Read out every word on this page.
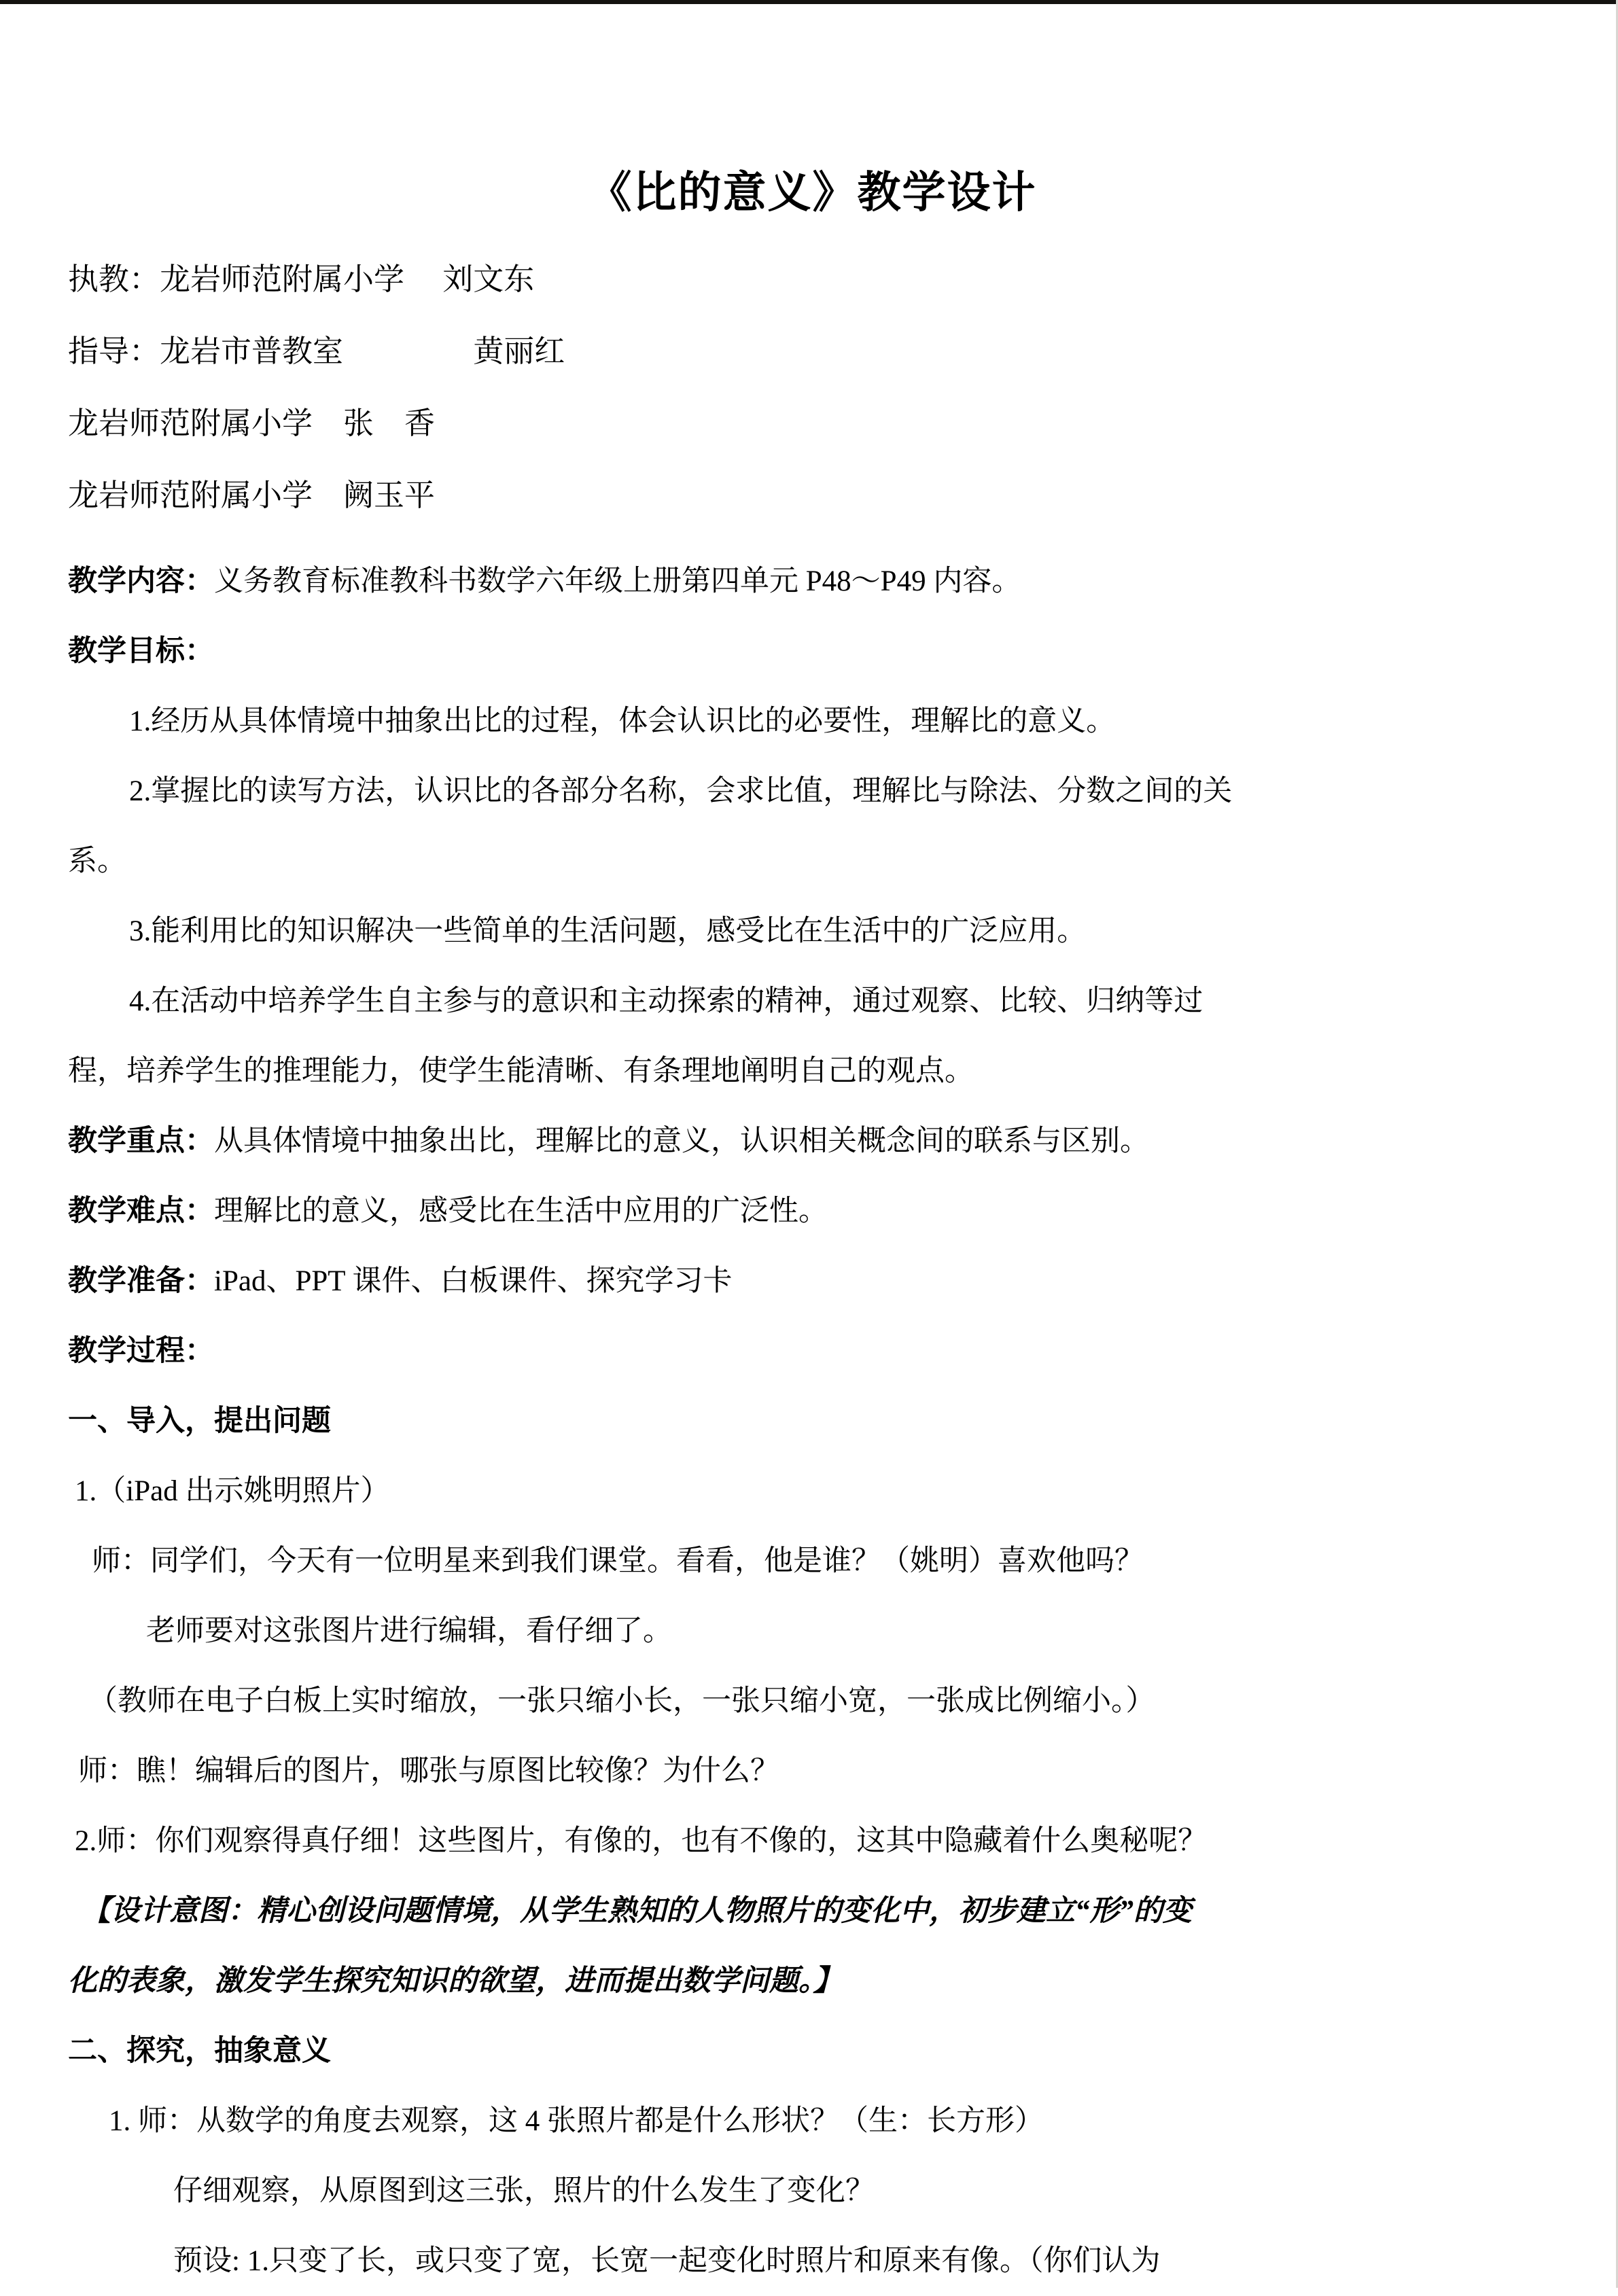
《比的意义》教学设计

执教：龙岩师范附属小学　 刘文东

指导：龙岩市普教室　　　 　黄丽红

龙岩师范附属小学　张　香

龙岩师范附属小学　阙玉平

教学内容：义务教育标准教科书数学六年级上册第四单元 P48～P49 内容。

教学目标：

1.经历从具体情境中抽象出比的过程，体会认识比的必要性，理解比的意义。

2.掌握比的读写方法，认识比的各部分名称，会求比值，理解比与除法、分数之间的关

系。

3.能利用比的知识解决一些简单的生活问题，感受比在生活中的广泛应用。

4.在活动中培养学生自主参与的意识和主动探索的精神，通过观察、比较、归纳等过

程，培养学生的推理能力，使学生能清晰、有条理地阐明自己的观点。

教学重点：从具体情境中抽象出比，理解比的意义，认识相关概念间的联系与区别。

教学难点：理解比的意义，感受比在生活中应用的广泛性。

教学准备：iPad、PPT 课件、白板课件、探究学习卡

教学过程：

一、导入，提出问题

1.（iPad 出示姚明照片）

师：同学们，今天有一位明星来到我们课堂。看看，他是谁？（姚明）喜欢他吗？

老师要对这张图片进行编辑，看仔细了。

（教师在电子白板上实时缩放，一张只缩小长，一张只缩小宽，一张成比例缩小。）

师：瞧！编辑后的图片，哪张与原图比较像？为什么？

2.师：你们观察得真仔细！这些图片，有像的，也有不像的，这其中隐藏着什么奥秘呢？

【设计意图：精心创设问题情境，从学生熟知的人物照片的变化中，初步建立“形”的变

化的表象，激发学生探究知识的欲望，进而提出数学问题。】

二、探究，抽象意义

1. 师：从数学的角度去观察，这 4 张照片都是什么形状？（生：长方形）

仔细观察，从原图到这三张，照片的什么发生了变化？

预设: 1.只变了长，或只变了宽，长宽一起变化时照片和原来有像。（你们认为
